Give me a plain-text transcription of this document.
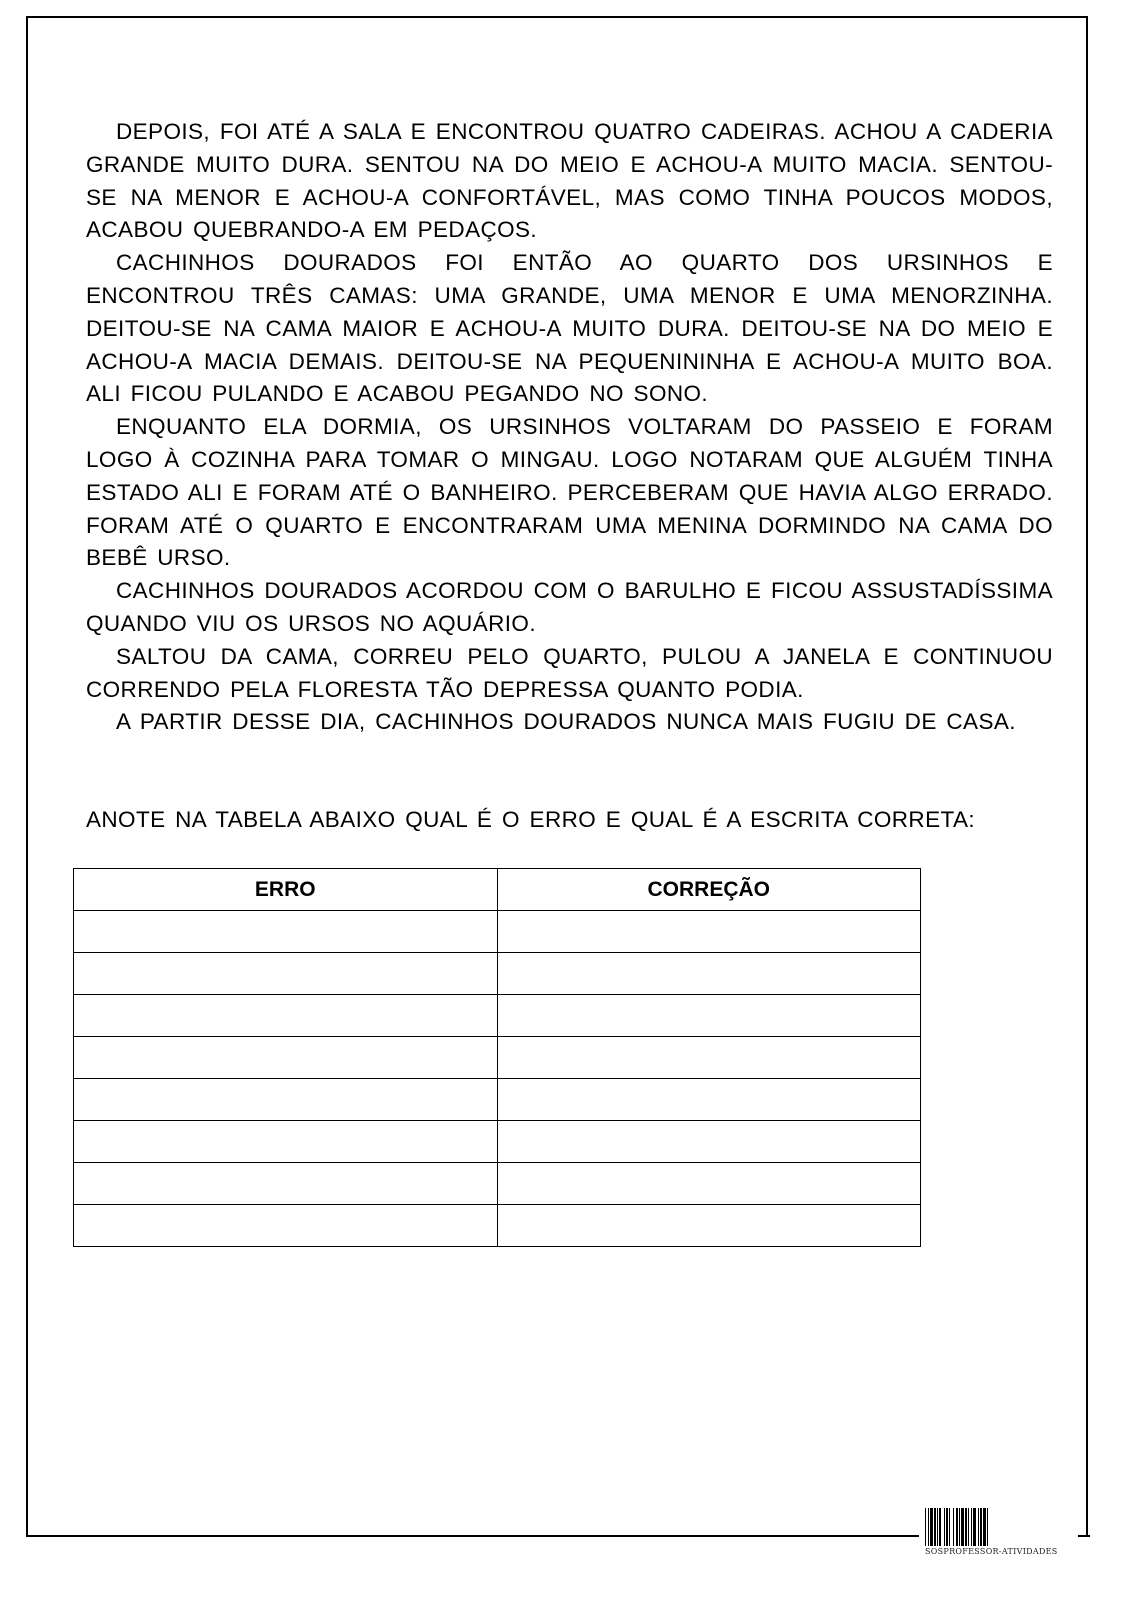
DEPOIS, FOI ATÉ A SALA E ENCONTROU QUATRO CADEIRAS. ACHOU A CADERIA GRANDE MUITO DURA. SENTOU NA DO MEIO E ACHOU-A MUITO MACIA. SENTOU-SE NA MENOR E ACHOU-A CONFORTÁVEL, MAS COMO TINHA POUCOS MODOS, ACABOU QUEBRANDO-A EM PEDAÇOS.

CACHINHOS DOURADOS FOI ENTÃO AO QUARTO DOS URSINHOS E ENCONTROU TRÊS CAMAS: UMA GRANDE, UMA MENOR E UMA MENORZINHA. DEITOU-SE NA CAMA MAIOR E ACHOU-A MUITO DURA. DEITOU-SE NA DO MEIO E ACHOU-A MACIA DEMAIS. DEITOU-SE NA PEQUENININHA E ACHOU-A MUITO BOA. ALI FICOU PULANDO E ACABOU PEGANDO NO SONO.

ENQUANTO ELA DORMIA, OS URSINHOS VOLTARAM DO PASSEIO E FORAM LOGO À COZINHA PARA TOMAR O MINGAU. LOGO NOTARAM QUE ALGUÉM TINHA ESTADO ALI E FORAM ATÉ O BANHEIRO. PERCEBERAM QUE HAVIA ALGO ERRADO. FORAM ATÉ O QUARTO E ENCONTRARAM UMA MENINA DORMINDO NA CAMA DO BEBÊ URSO.

CACHINHOS DOURADOS ACORDOU COM O BARULHO E FICOU ASSUSTADÍSSIMA QUANDO VIU OS URSOS NO AQUÁRIO.

SALTOU DA CAMA, CORREU PELO QUARTO, PULOU A JANELA E CONTINUOU CORRENDO PELA FLORESTA TÃO DEPRESSA QUANTO PODIA.

A PARTIR DESSE DIA, CACHINHOS DOURADOS NUNCA MAIS FUGIU DE CASA.

ANOTE NA TABELA ABAIXO QUAL É O ERRO E QUAL É A ESCRITA CORRETA:

ERRO	CORREÇÃO

SOSPROFESSOR-ATIVIDADES
